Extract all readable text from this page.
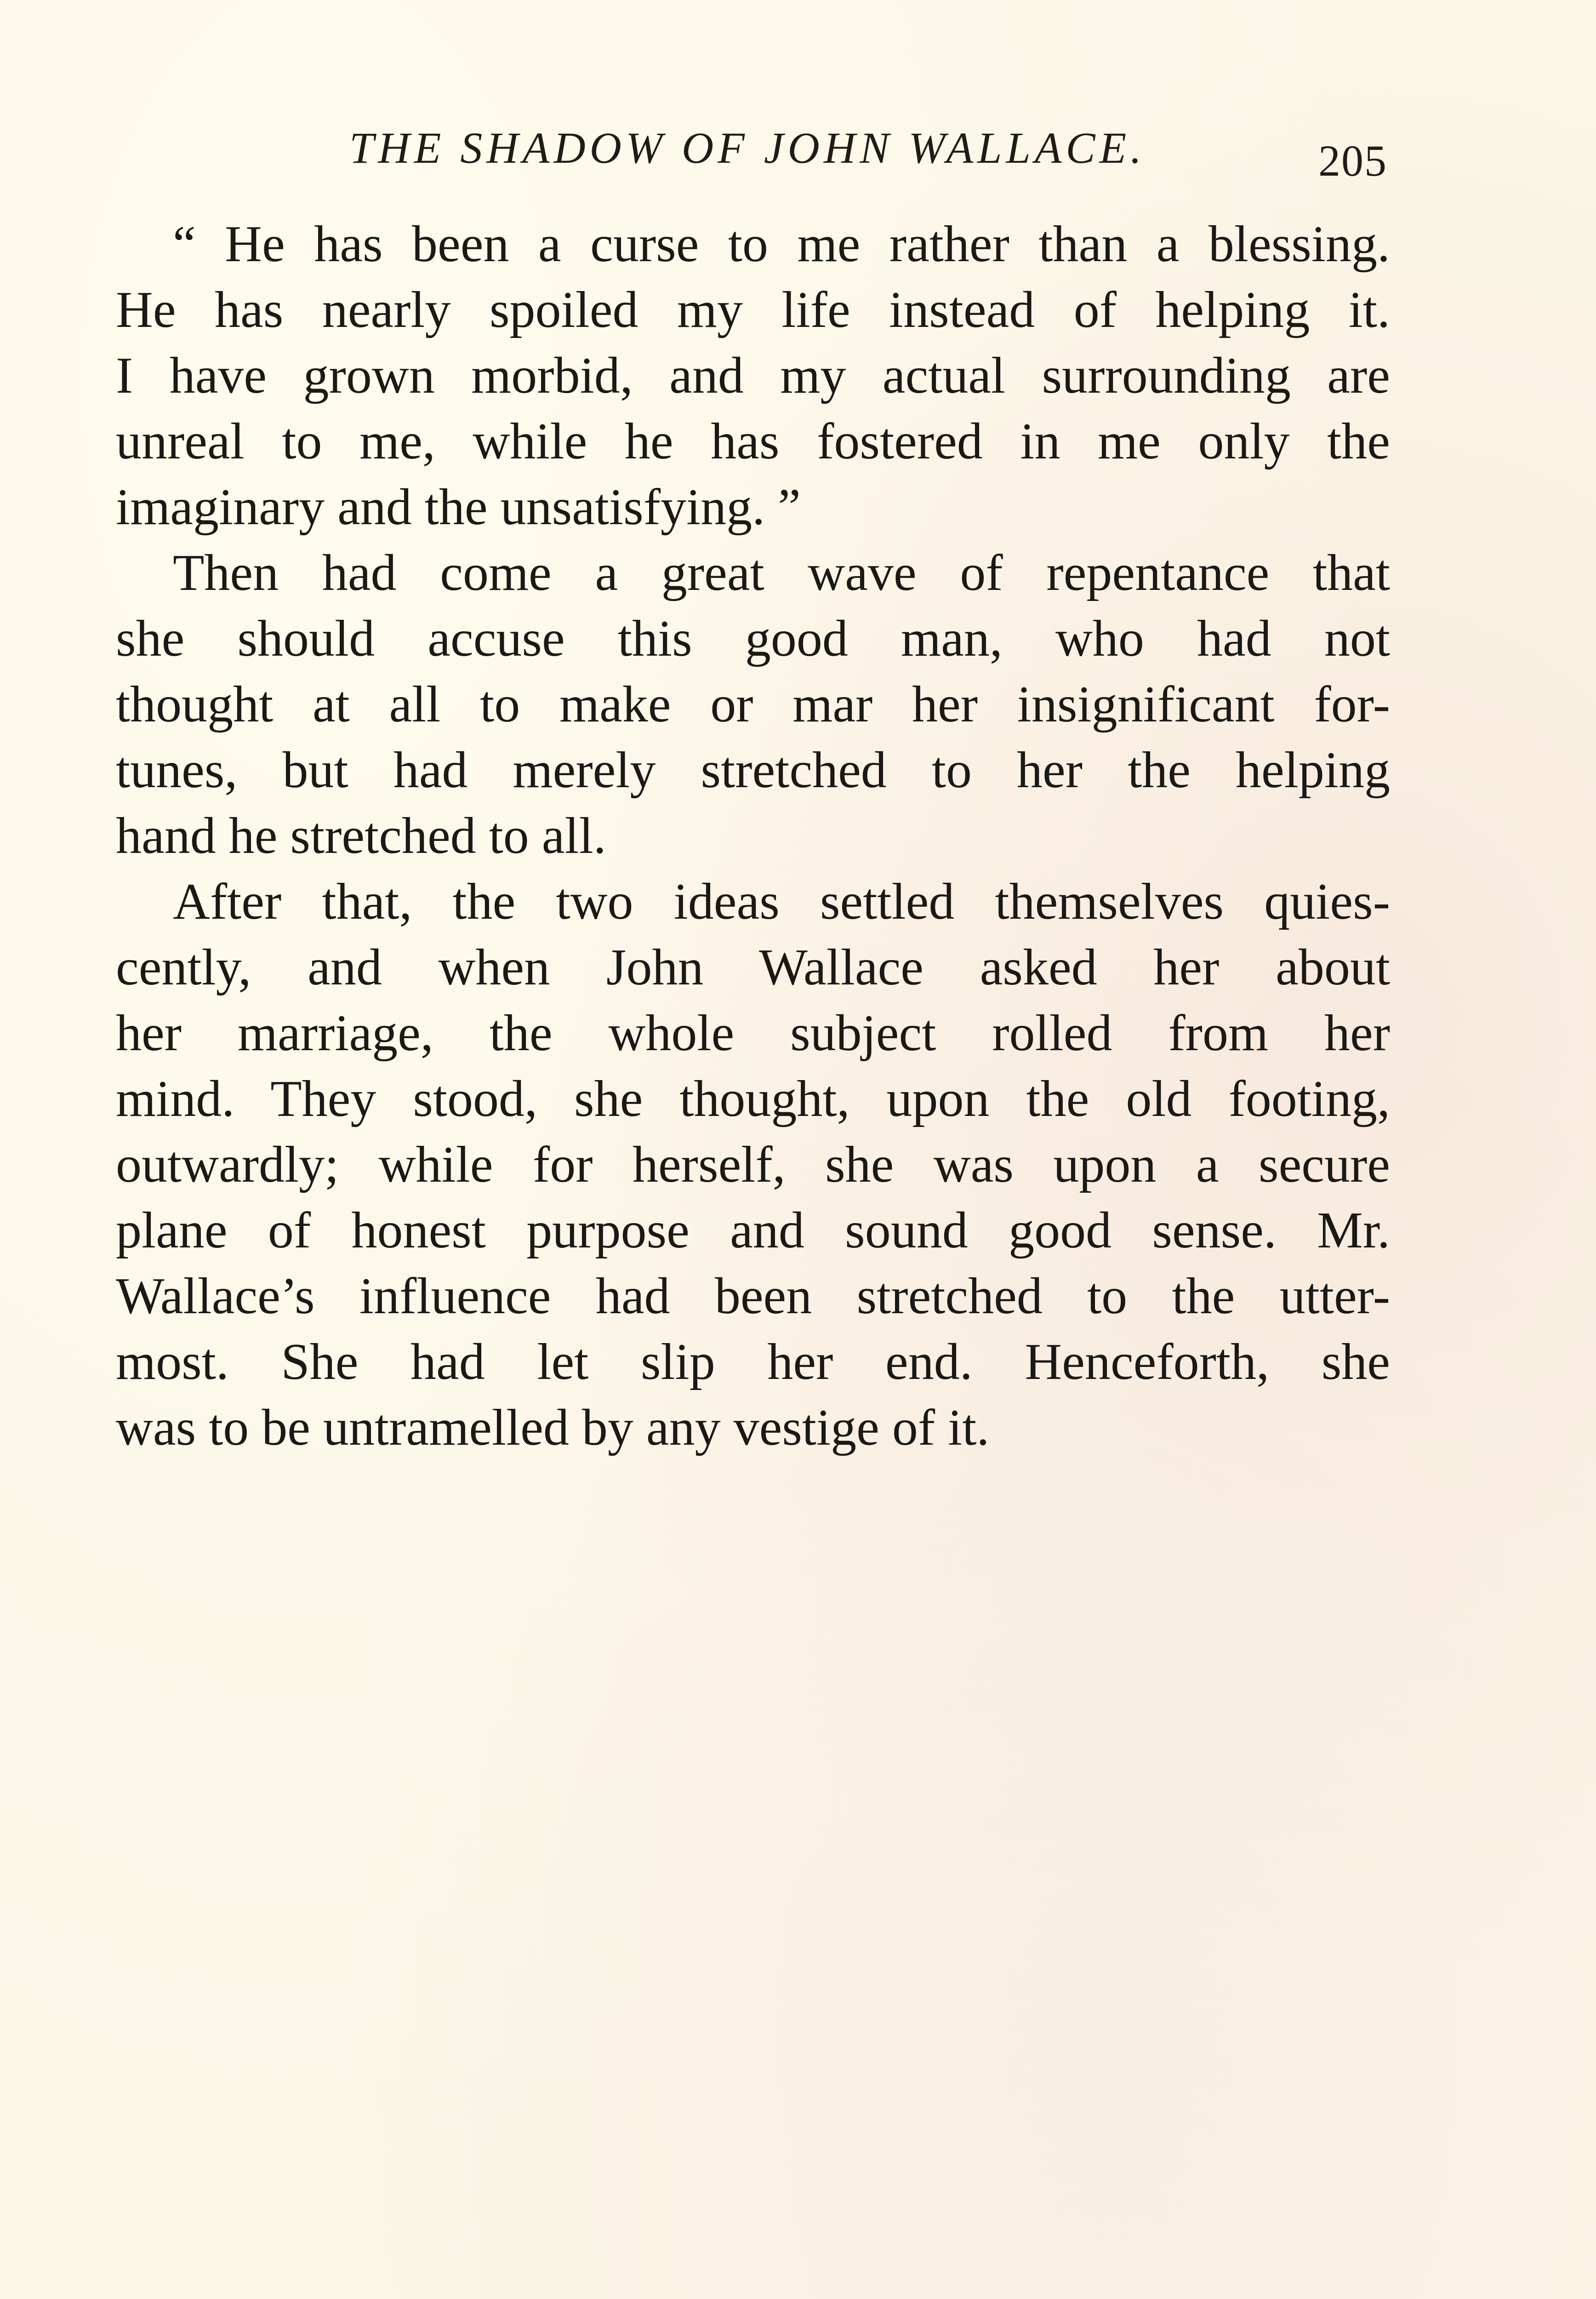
THE SHADOW OF JOHN WALLACE.	205

“ He has been a curse to me rather than a blessing.

He has nearly spoiled my life instead of helping it.

I have grown morbid, and my actual surrounding are

unreal to me, while he has fostered in me only the

imaginary and the unsatisfying. ”

Then had come a great wave of repentance that

she should accuse this good man, who had not

thought at all to make or mar her insignificant for-

tunes, but had merely stretched to her the helping

hand he stretched to all.

After that, the two ideas settled themselves quies-

cently, and when John Wallace asked her about

her marriage, the whole subject rolled from her

mind. They stood, she thought, upon the old footing,

outwardly; while for herself, she was upon a secure

plane of honest purpose and sound good sense. Mr.

Wallace’s influence had been stretched to the utter-

most. She had let slip her end. Henceforth, she

was to be untramelled by any vestige of it.
